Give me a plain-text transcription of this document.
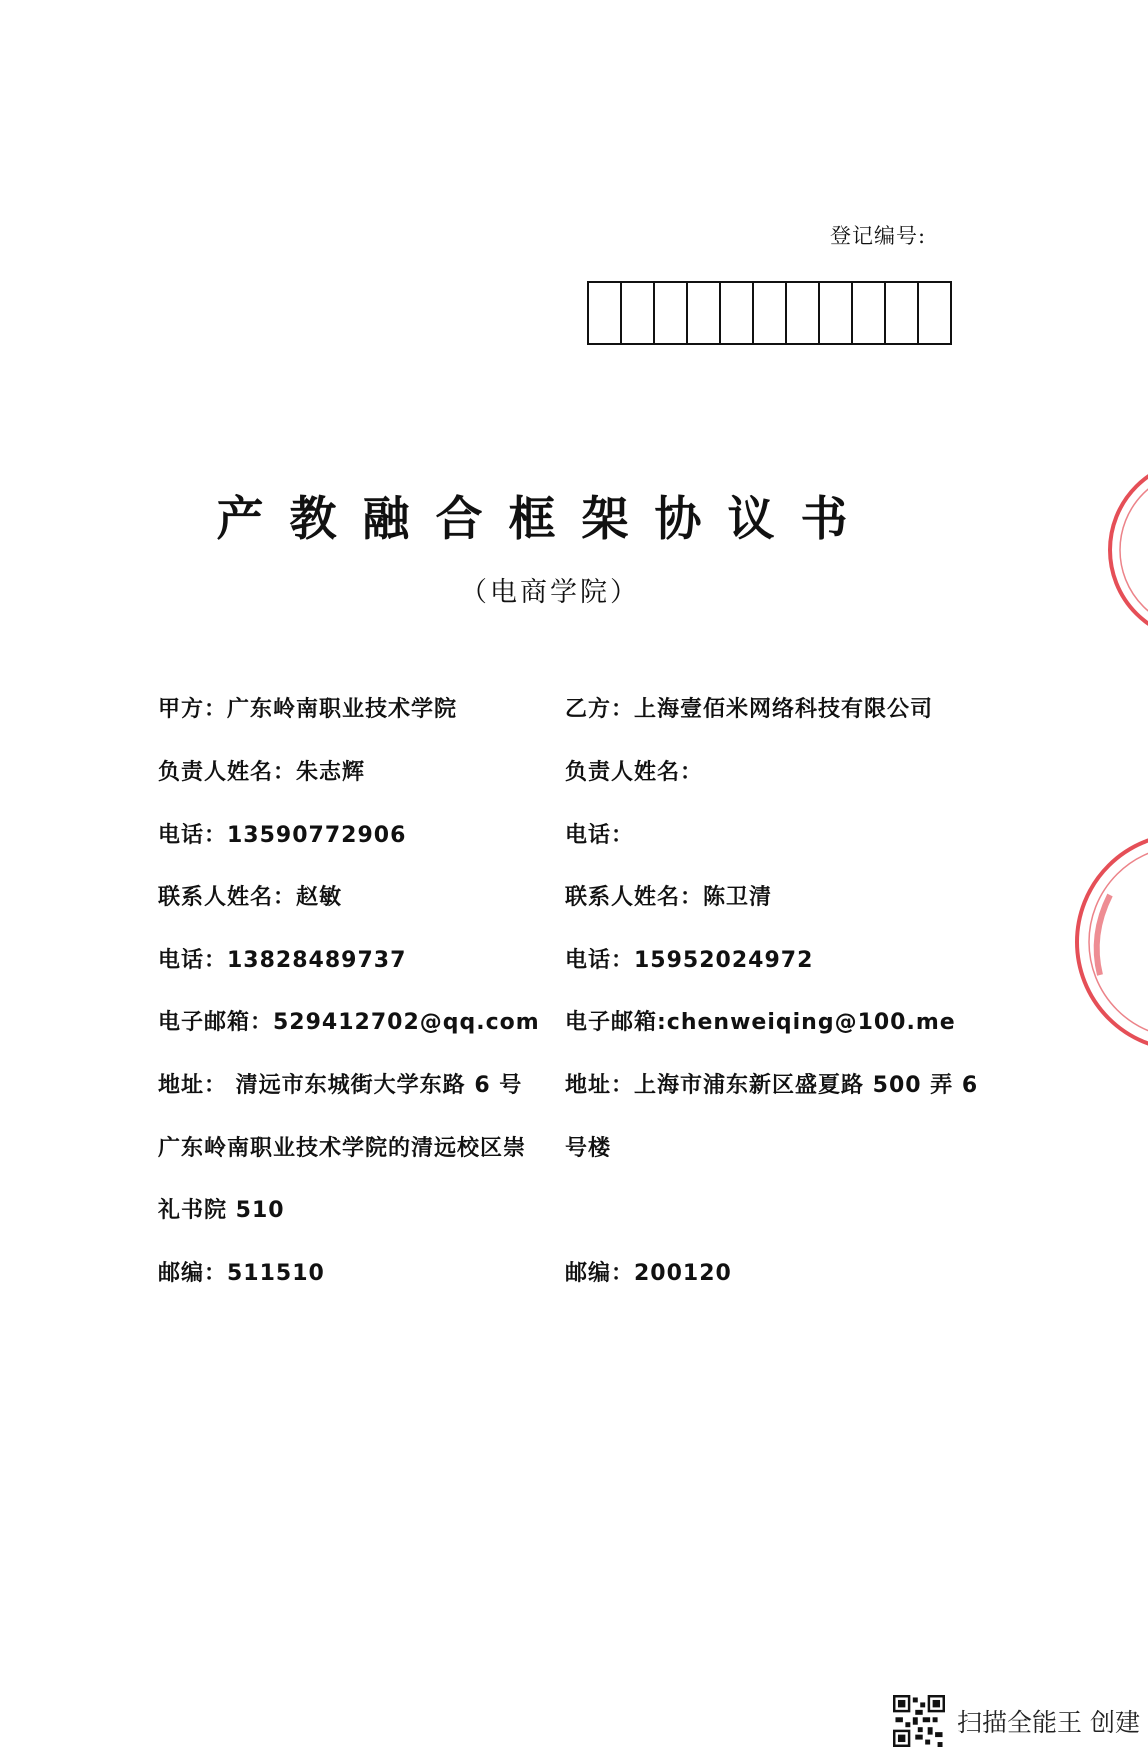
登记编号:
产教融合框架协议书
（电商学院）
甲方：广东岭南职业技术学院
负责人姓名：朱志辉
电话：13590772906
联系人姓名：赵敏
电话：13828489737
电子邮箱：529412702@qq.com
地址： 清远市东城街大学东路 6 号
广东岭南职业技术学院的清远校区崇
礼书院 510
邮编：511510
乙方：上海壹佰米网络科技有限公司
负责人姓名：
电话：
联系人姓名：陈卫清
电话：15952024972
电子邮箱:chenweiqing@100.me
地址：上海市浦东新区盛夏路 500 弄 6
号楼
邮编：200120
扫描全能王 创建
